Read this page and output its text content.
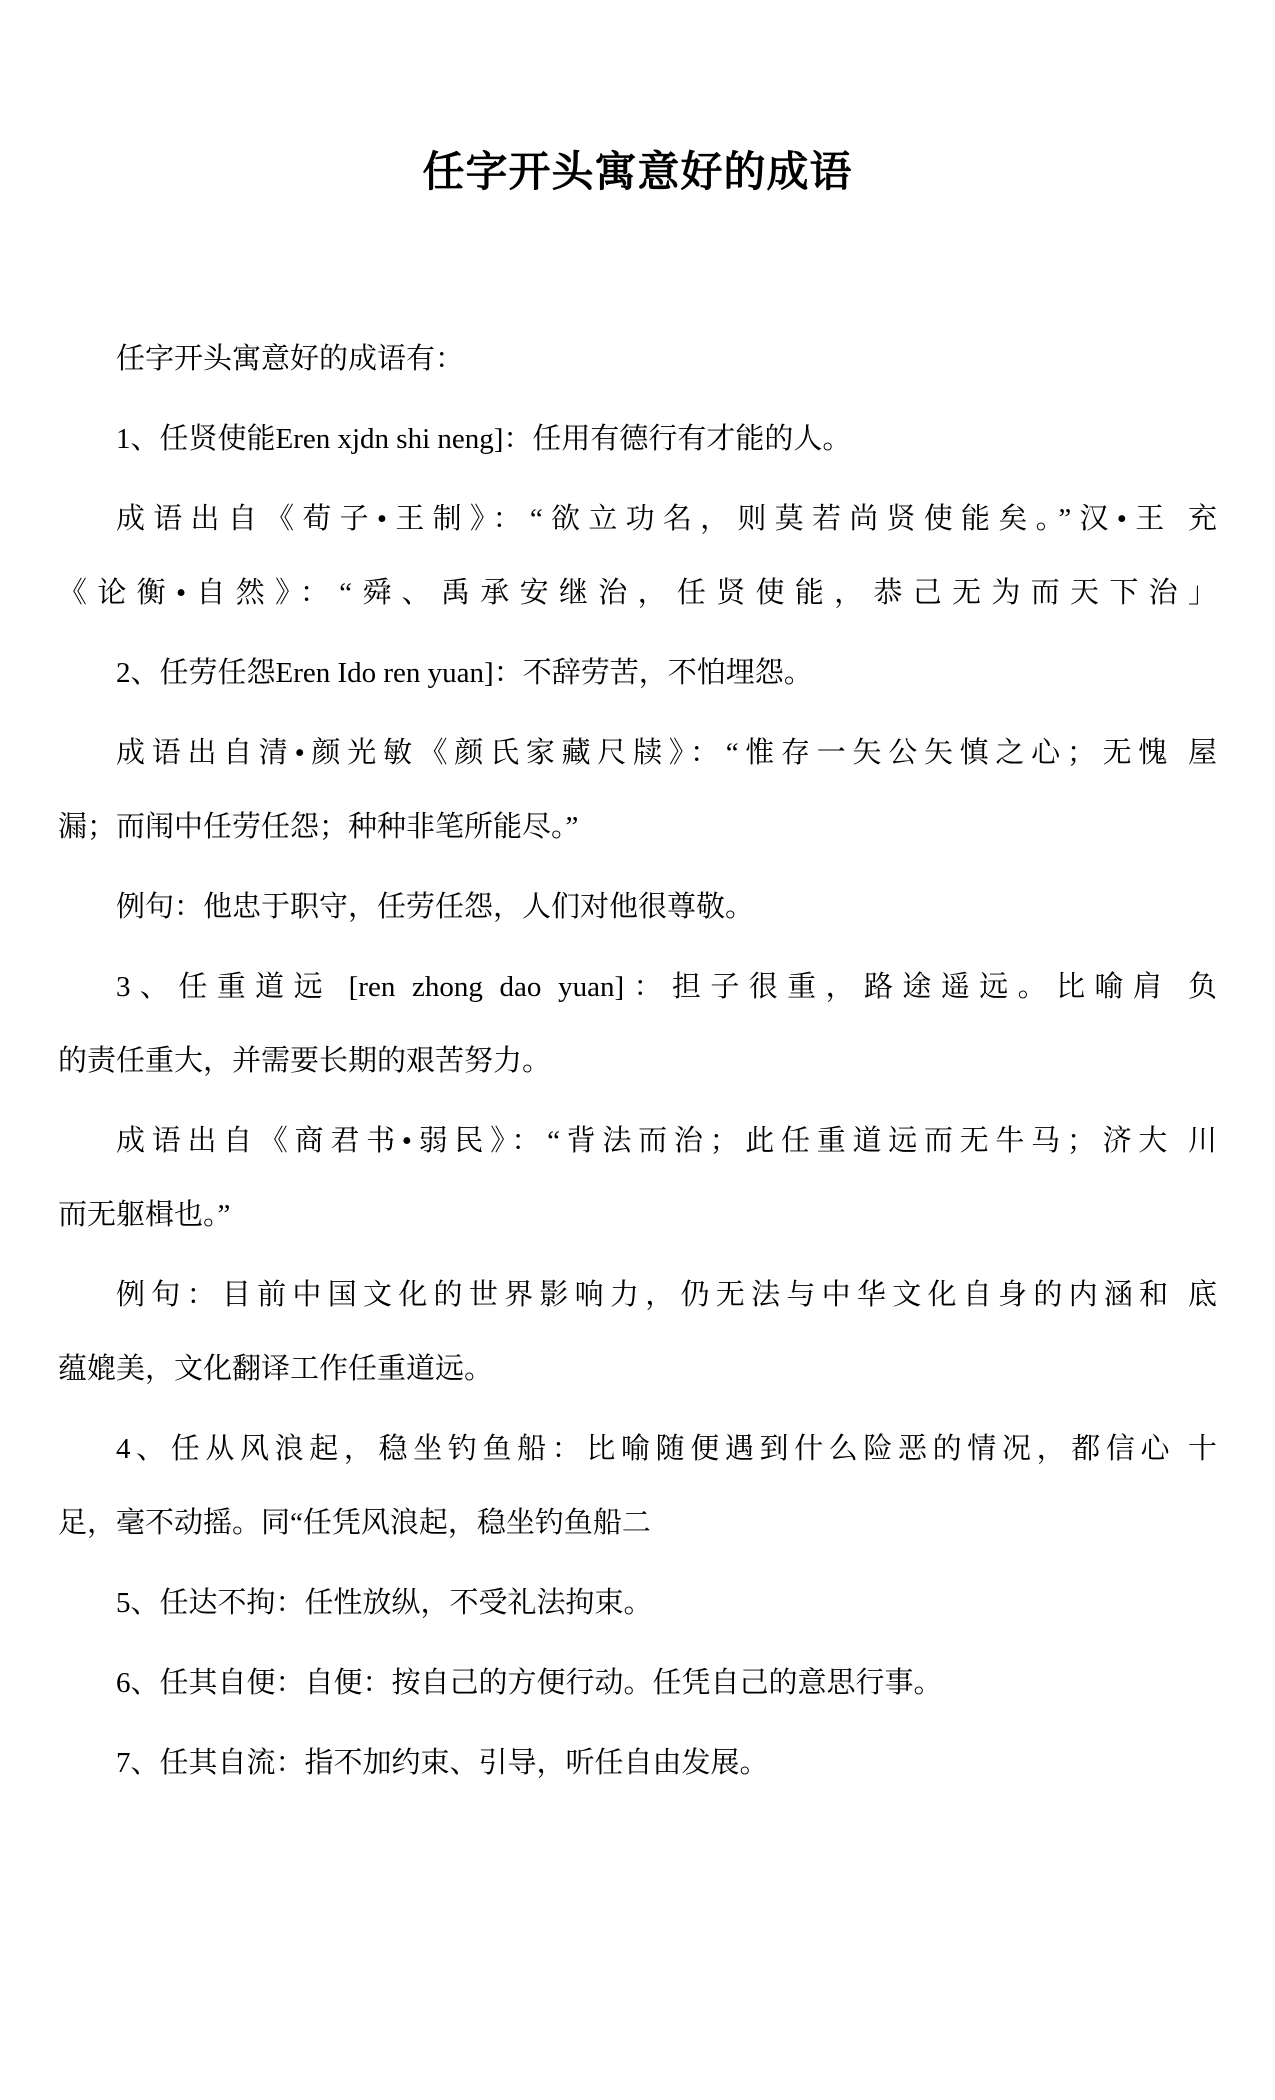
任字开头寓意好的成语
任字开头寓意好的成语有：
1、任贤使能Eren xjdn shi neng]：任用有德行有才能的人。
成语出自《荀子•王制》：“欲立功名，则莫若尚贤使能矣。”汉•王 充
《论衡•自然》：“舜、禹承安继治，任贤使能，恭己无为而天下治」
2、任劳任怨Eren Ido ren yuan]：不辞劳苦，不怕埋怨。
成语出自清•颜光敏《颜氏家藏尺牍》：“惟存一矢公矢慎之心；无愧 屋
漏；而闱中任劳任怨；种种非笔所能尽。”
例句：他忠于职守，任劳任怨，人们对他很尊敬。
3、任重道远 [ren zhong dao yuan]：担子很重，路途遥远。比喻肩 负
的责任重大，并需要长期的艰苦努力。
成语出自《商君书•弱民》：“背法而治；此任重道远而无牛马；济大 川
而无躯楫也。”
例句：目前中国文化的世界影响力，仍无法与中华文化自身的内涵和 底
蕴媲美，文化翻译工作任重道远。
4、任从风浪起，稳坐钓鱼船：比喻随便遇到什么险恶的情况，都信心 十
足，毫不动摇。同“任凭风浪起，稳坐钓鱼船二
5、任达不拘：任性放纵，不受礼法拘束。
6、任其自便：自便：按自己的方便行动。任凭自己的意思行事。
7、任其自流：指不加约束、引导，听任自由发展。
